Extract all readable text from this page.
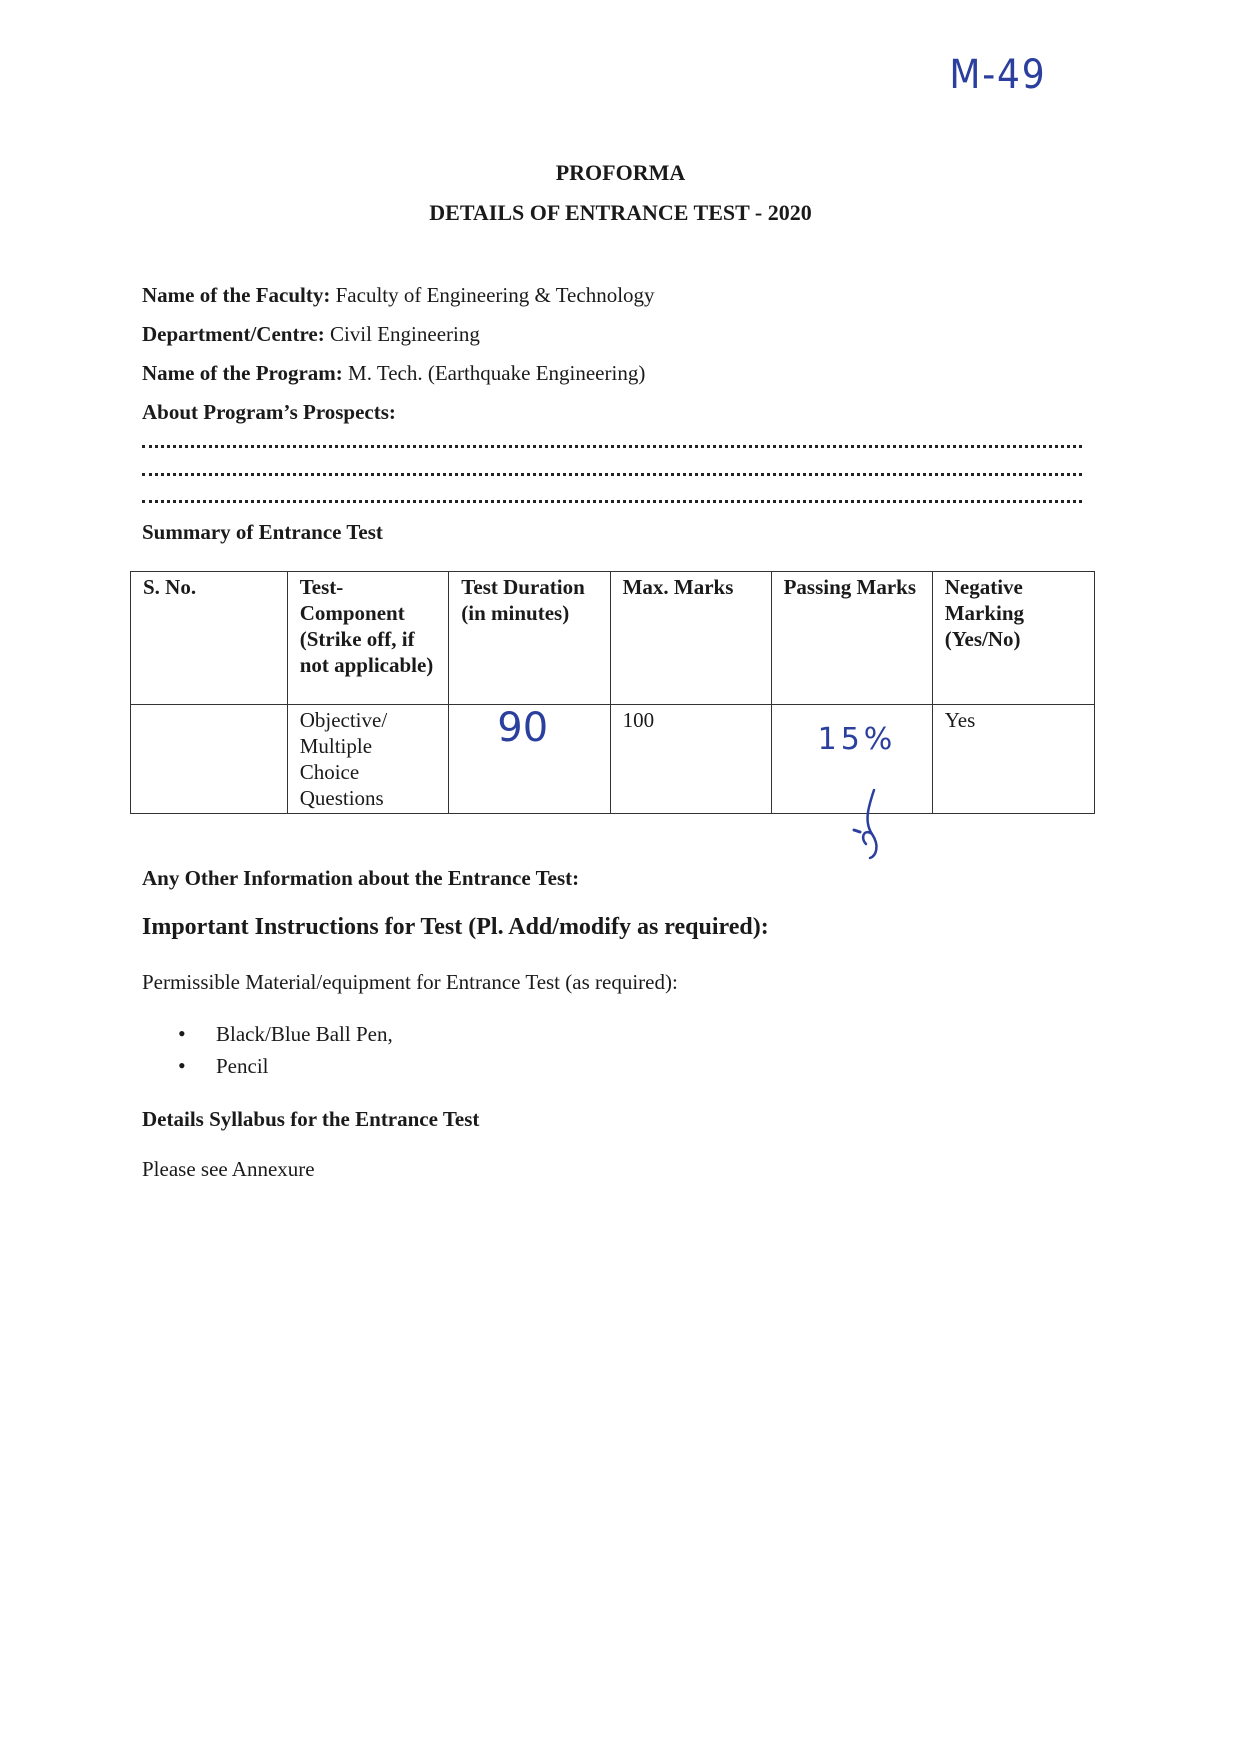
M-49
PROFORMA
DETAILS OF ENTRANCE TEST - 2020
Name of the Faculty: Faculty of Engineering & Technology
Department/Centre: Civil Engineering
Name of the Program: M. Tech. (Earthquake Engineering)
About Program’s Prospects:
Summary of Entrance Test
S. No.	Test-Component (Strike off, if not applicable)	Test Duration (in minutes)	Max. Marks	Passing Marks	Negative Marking (Yes/No)
	Objective/ Multiple Choice Questions	90	100	15%	Yes
Any Other Information about the Entrance Test:
Important Instructions for Test (Pl. Add/modify as required):
Permissible Material/equipment for Entrance Test (as required):
• Black/Blue Ball Pen,
• Pencil
Details Syllabus for the Entrance Test
Please see Annexure
